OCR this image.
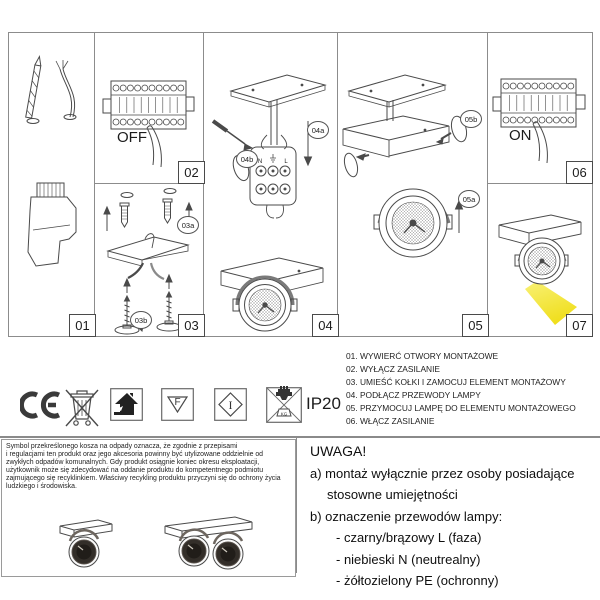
N	L
01
02
03	04	05
06
07
03a
03b
04a
04b
05b
05a
OFF	ON
01. WYWIERĆ OTWORY MONTAŻOWE
02. WYŁĄCZ ZASILANIE
03. UMIEŚĆ KOŁKI I ZAMOCUJ ELEMENT MONTAŻOWY
04. PODŁĄCZ PRZEWODY LAMPY
05. PRZYMOCUJ LAMPĘ DO ELEMENTU MONTAŻOWEGO
06. WŁĄCZ ZASILANIE
F	I
KG
IP20
Symbol przekreślonego kosza na odpady oznacza, że zgodnie z przepisami
i regulacjami ten produkt oraz jego akcesoria powinny być utylizowane oddzielnie od
zwykłych odpadów komunalnych. Gdy produkt osiągnie koniec okresu eksploatacji,
użytkownik może się zdecydować na oddanie produktu do kompetentnego podmiotu
zajmującego się recyklinkiem. Właściwy recykling produktu przyczyni się do ochrony życia
ludzkiego i środowiska.
UWAGA!
a) montaż wyłącznie przez osoby posiadające
stosowne umiejętności
b) oznaczenie przewodów lampy:
- czarny/brązowy L (faza)
- niebieski N (neutrealny)
- żółtozielony PE (ochronny)
